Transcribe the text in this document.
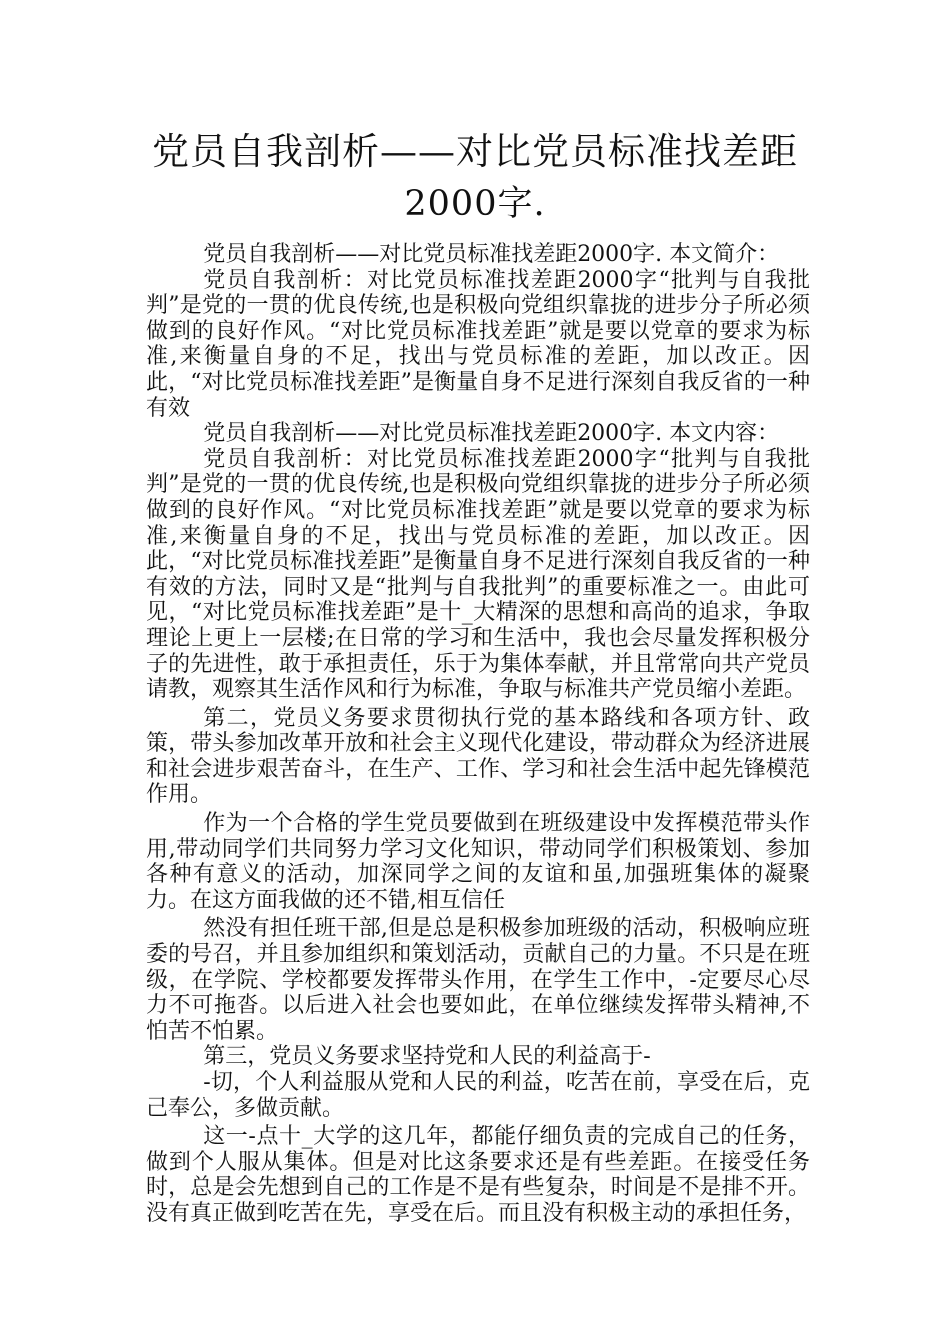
党员自我剖析——对比党员标准找差距
2000字.

党员自我剖析——对比党员标准找差距2000字. 本文简介：

党员自我剖析：对比党员标准找差距2000字“批判与自我批判”是党的一贯的优良传统,也是积极向党组织靠拢的进步分子所必须做到的良好作风。“对比党员标准找差距”就是要以党章的要求为标准,来衡量自身的不足，找出与党员标准的差距，加以改正。因此，“对比党员标准找差距”是衡量自身不足进行深刻自我反省的一种有效

党员自我剖析——对比党员标准找差距2000字. 本文内容：

党员自我剖析：对比党员标准找差距2000字“批判与自我批判”是党的一贯的优良传统,也是积极向党组织靠拢的进步分子所必须做到的良好作风。“对比党员标准找差距”就是要以党章的要求为标准,来衡量自身的不足，找出与党员标准的差距，加以改正。因此，“对比党员标准找差距”是衡量自身不足进行深刻自我反省的一种有效的方法，同时又是“批判与自我批判”的重要标准之一。由此可见，“对比党员标准找差距”是十_大精深的思想和高尚的追求，争取理论上更上一层楼;在日常的学习和生活中，我也会尽量发挥积极分子的先进性，敢于承担责任，乐于为集体奉献，并且常常向共产党员请教，观察其生活作风和行为标准，争取与标准共产党员缩小差距。

第二，党员义务要求贯彻执行党的基本路线和各项方针、政策，带头参加改革开放和社会主义现代化建设，带动群众为经济进展和社会进步艰苦奋斗，在生产、工作、学习和社会生活中起先锋模范作用。

作为一个合格的学生党员要做到在班级建设中发挥模范带头作用,带动同学们共同努力学习文化知识，带动同学们积极策划、参加各种有意义的活动，加深同学之间的友谊和虽,加强班集体的凝聚力。在这方面我做的还不错,相互信任

然没有担任班干部,但是总是积极参加班级的活动，积极响应班委的号召，并且参加组织和策划活动，贡献自己的力量。不只是在班级，在学院、学校都要发挥带头作用，在学生工作中，-定要尽心尽力不可拖沓。以后进入社会也要如此，在单位继续发挥带头精神,不怕苦不怕累。

第三，党员义务要求坚持党和人民的利益高于-

-切，个人利益服从党和人民的利益，吃苦在前，享受在后，克己奉公，多做贡献。

这一-点十_大学的这几年，都能仔细负责的完成自己的任务，做到个人服从集体。但是对比这条要求还是有些差距。在接受任务时，总是会先想到自己的工作是不是有些复杂，时间是不是排不开。没有真正做到吃苦在先，享受在后。而且没有积极主动的承担任务，
